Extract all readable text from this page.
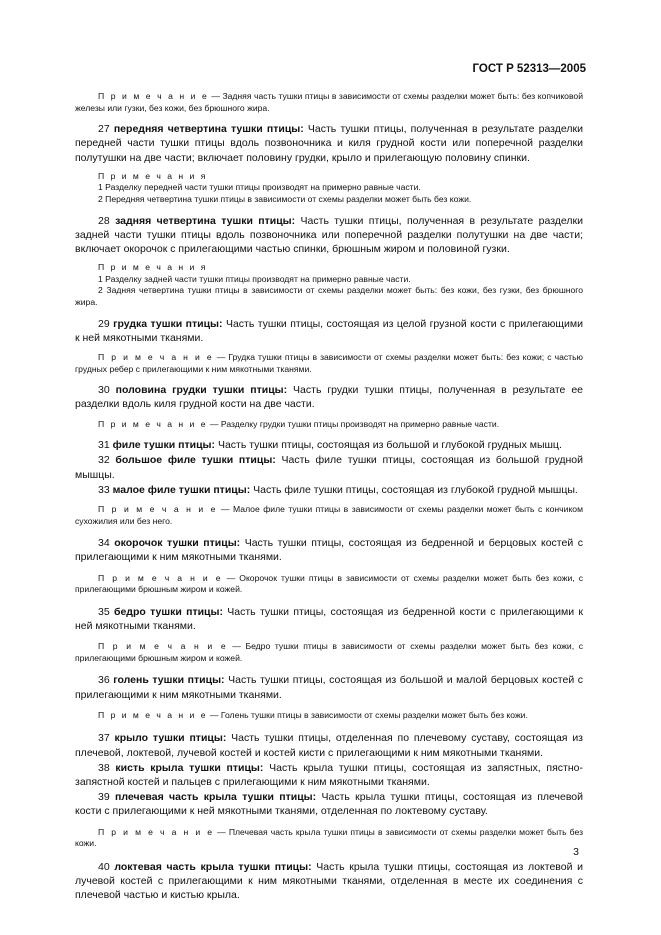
ГОСТ Р 52313—2005

П р и м е ч а н и е — Задняя часть тушки птицы в зависимости от схемы разделки может быть: без копчиковой железы или гузки, без кожи, без брюшного жира.

27 передняя четвертина тушки птицы: Часть тушки птицы, полученная в результате разделки передней части тушки птицы вдоль позвоночника и киля грудной кости или поперечной разделки полутушки на две части; включает половину грудки, крыло и прилегающую половину спинки.

П р и м е ч а н и я

1 Разделку передней части тушки птицы производят на примерно равные части.

2 Передняя четвертина тушки птицы в зависимости от схемы разделки может быть без кожи.

28 задняя четвертина тушки птицы: Часть тушки птицы, полученная в результате разделки задней части тушки птицы вдоль позвоночника или поперечной разделки полутушки на две части; включает окорочок с прилегающими частью спинки, брюшным жиром и половиной гузки.

П р и м е ч а н и я

1 Разделку задней части тушки птицы производят на примерно равные части.

2 Задняя четвертина тушки птицы в зависимости от схемы разделки может быть: без кожи, без гузки, без брюшного жира.

29 грудка тушки птицы: Часть тушки птицы, состоящая из целой грузной кости с прилегающими к ней мякотными тканями.

П р и м е ч а н и е — Грудка тушки птицы в зависимости от схемы разделки может быть: без кожи; с частью грудных ребер с прилегающими к ним мякотными тканями.

30 половина грудки тушки птицы: Часть грудки тушки птицы, полученная в результате ее разделки вдоль киля грудной кости на две части.

П р и м е ч а н и е — Разделку грудки тушки птицы производят на примерно равные части.

31 филе тушки птицы: Часть тушки птицы, состоящая из большой и глубокой грудных мышц.

32 большое филе тушки птицы: Часть филе тушки птицы, состоящая из большой грудной мышцы.

33 малое филе тушки птицы: Часть филе тушки птицы, состоящая из глубокой грудной мышцы.

П р и м е ч а н и е — Малое филе тушки птицы в зависимости от схемы разделки может быть с кончиком сухожилия или без него.

34 окорочок тушки птицы: Часть тушки птицы, состоящая из бедренной и берцовых костей с прилегающими к ним мякотными тканями.

П р и м е ч а н и е — Окорочок тушки птицы в зависимости от схемы разделки может быть без кожи, с прилегающими брюшным жиром и кожей.

35 бедро тушки птицы: Часть тушки птицы, состоящая из бедренной кости с прилегающими к ней мякотными тканями.

П р и м е ч а н и е — Бедро тушки птицы в зависимости от схемы разделки может быть без кожи, с прилегающими брюшным жиром и кожей.

36 голень тушки птицы: Часть тушки птицы, состоящая из большой и малой берцовых костей с прилегающими к ним мякотными тканями.

П р и м е ч а н и е — Голень тушки птицы в зависимости от схемы разделки может быть без кожи.

37 крыло тушки птицы: Часть тушки птицы, отделенная по плечевому суставу, состоящая из плечевой, локтевой, лучевой костей и костей кисти с прилегающими к ним мякотными тканями.

38 кисть крыла тушки птицы: Часть крыла тушки птицы, состоящая из запястных, пястно-запястной костей и пальцев с прилегающими к ним мякотными тканями.

39 плечевая часть крыла тушки птицы: Часть крыла тушки птицы, состоящая из плечевой кости с прилегающими к ней мякотными тканями, отделенная по локтевому суставу.

П р и м е ч а н и е — Плечевая часть крыла тушки птицы в зависимости от схемы разделки может быть без кожи.

40 локтевая часть крыла тушки птицы: Часть крыла тушки птицы, состоящая из локтевой и лучевой костей с прилегающими к ним мякотными тканями, отделенная в месте их соединения с плечевой частью и кистью крыла.

3
